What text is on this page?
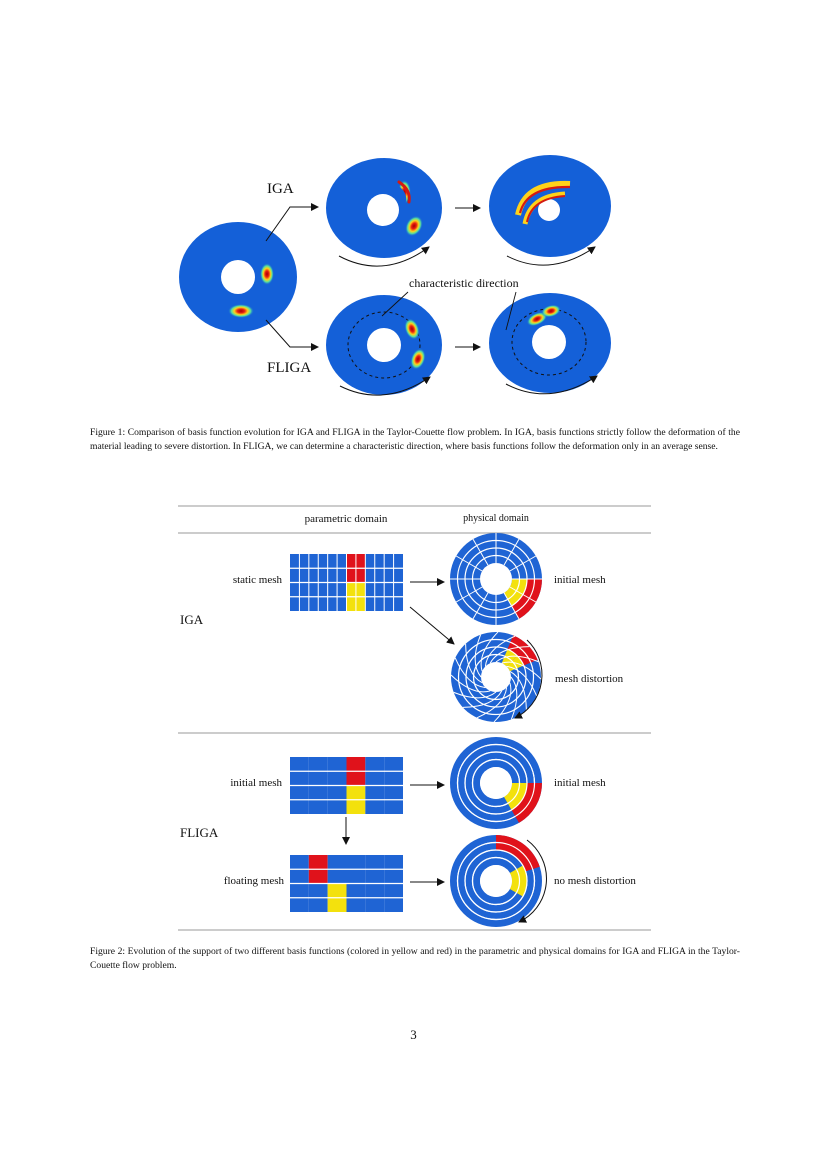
IGA
FLIGA
characteristic direction
Figure 1: Comparison of basis function evolution for IGA and FLIGA in the Taylor-Couette flow problem. In IGA, basis functions strictly follow the deformation of the material leading to severe distortion. In FLIGA, we can determine a characteristic direction, where basis functions follow the deformation only in an average sense.
parametric domain	physical domain
IGA
FLIGA
static mesh	initial mesh
mesh distortion
initial mesh	initial mesh
floating mesh	no mesh distortion
Figure 2: Evolution of the support of two different basis functions (colored in yellow and red) in the parametric and physical domains for IGA and FLIGA in the Taylor-Couette flow problem.
3
